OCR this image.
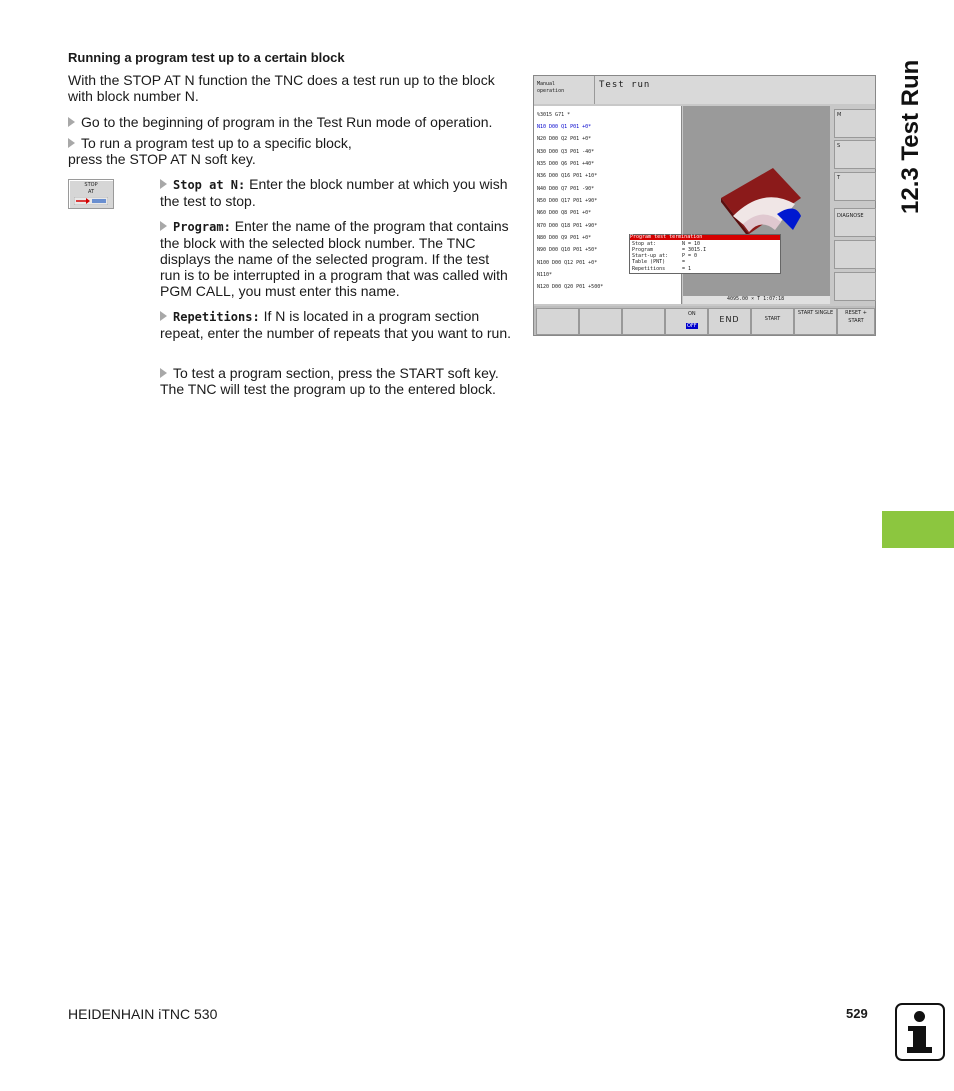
Running a program test up to a certain block
With the STOP AT N function the TNC does a test run up to the block with block number N.
Go to the beginning of program in the Test Run mode of operation.
To run a program test up to a specific block, press the STOP AT N soft key.
STOP
AT	Stop at N: Enter the block number at which you wish the test to stop.
Program: Enter the name of the program that contains the block with the selected block number. The TNC displays the name of the selected program. If the test run is to be interrupted in a program that was called with PGM CALL, you must enter this name.
Repetitions: If N is located in a program section repeat, enter the number of repeats that you want to run.
To test a program section, press the START soft key. The TNC will test the program up to the entered block.
Manual
operation
Test run
%3015 G71 *
N10 D00 Q1 P01 +0*
N20 D00 Q2 P01 +0*
N30 D00 Q3 P01 -40*
N35 D00 Q6 P01 +40*
N36 D00 Q16 P01 +10*
N40 D00 Q7 P01 -90*
N50 D00 Q17 P01 +90*
N60 D00 Q8 P01 +0*
N70 D00 Q18 P01 +90*
N80 D00 Q9 P01 +0*
N90 D00 Q10 P01 +50*
N100 D00 Q12 P01 +0*
N110*
N120 D00 Q20 P01 +500*
4095.00 × T 1:07:18
Program test termination
Stop at:	N = 10
Program	= 3015.I
Start-up at:	P = 0
Table (PNT)	=
Repetitions	= 1
M
S
T
DIAGNOSE
ON
OFF
END	START
START SINGLE	RESET + START
12.3 Test Run
HEIDENHAIN iTNC 530	529
